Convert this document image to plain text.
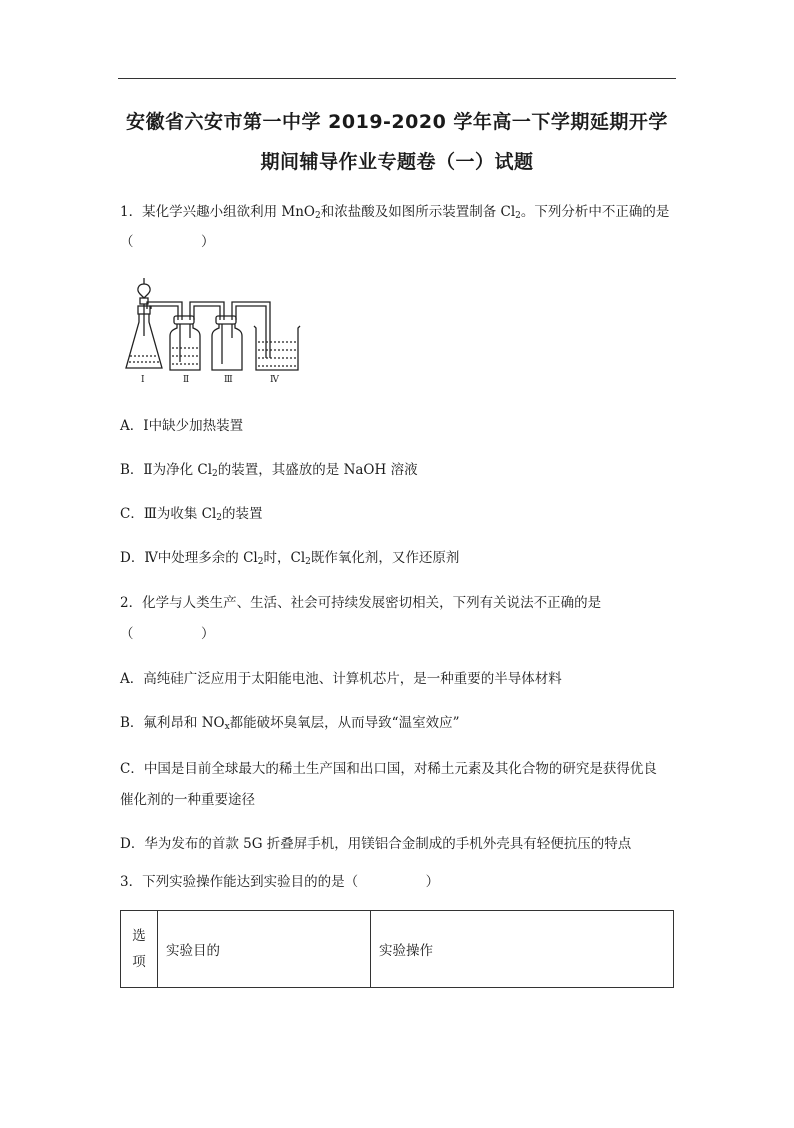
安徽省六安市第一中学 2019-2020 学年高一下学期延期开学
期间辅导作业专题卷（一）试题
1．某化学兴趣小组欲利用 MnO$_2$和浓盐酸及如图所示装置制备 $Cl_2$。下列分析中不正确的是
（　　　　　）
Ⅰ	Ⅱ	Ⅲ	Ⅳ
A．Ⅰ中缺少加热装置
B．Ⅱ为净化 $Cl_2$的装置，其盛放的是 NaOH 溶液
C．Ⅲ为收集 $Cl_2$的装置
D．Ⅳ中处理多余的 $Cl_2$时，$Cl_2$既作氧化剂，又作还原剂
2．化学与人类生产、生活、社会可持续发展密切相关，下列有关说法不正确的是
（　　　　　）
A．高纯硅广泛应用于太阳能电池、计算机芯片，是一种重要的半导体材料
B．氟利昂和 $NO_x$都能破坏臭氧层，从而导致“温室效应”
C．中国是目前全球最大的稀土生产国和出口国，对稀土元素及其化合物的研究是获得优良
催化剂的一种重要途径
D．华为发布的首款 5G 折叠屏手机，用镁铝合金制成的手机外壳具有轻便抗压的特点
3．下列实验操作能达到实验目的的是（　　　　　）
选项	实验目的	实验操作
